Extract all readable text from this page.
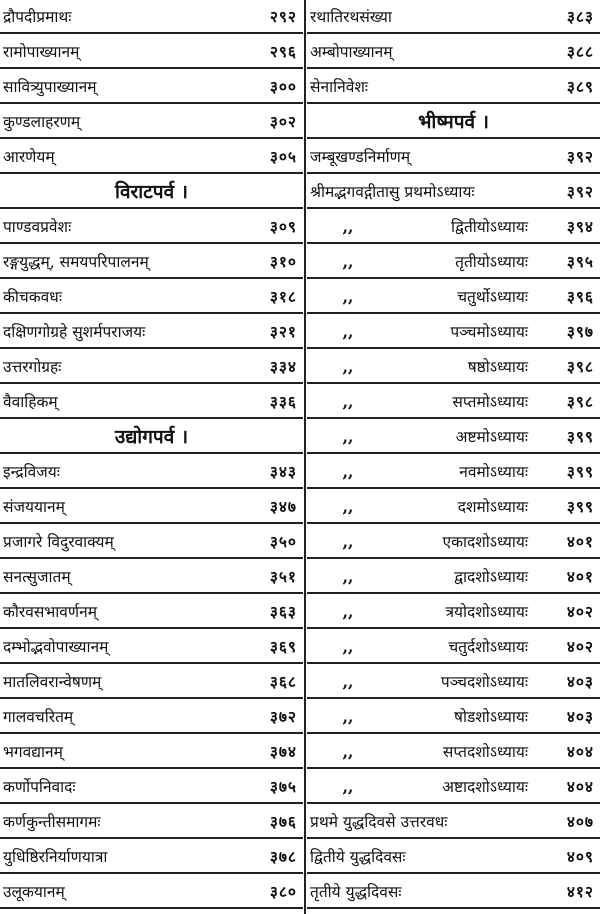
द्रौपदीप्रमाथः	२९२
रामोपाख्यानम्	२९६
सावित्र्युपाख्यानम्	३००
कुण्डलाहरणम्	३०२
आरणेयम्	३०५
विराटपर्व ।
पाण्डवप्रवेशः	३०९
रङ्गयुद्धम्, समयपरिपालनम्	३१०
कीचकवधः	३१८
दक्षिणगोग्रहे सुशर्मपराजयः	३२१
उत्तरगोग्रहः	३३४
वैवाहिकम्	३३६
उद्योगपर्व ।
इन्द्रविजयः	३४३
संजययानम्	३४७
प्रजागरे विदुरवाक्यम्	३५०
सनत्सुजातम्	३५१
कौरवसभावर्णनम्	३६३
दम्भोद्भवोपाख्यानम्	३६९
मातलिवरान्वेषणम्	३६८
गालवचरितम्	३७२
भगवद्यानम्	३७४
कर्णोपनिवादः	३७५
कर्णकुन्तीसमागमः	३७६
युधिष्ठिरनिर्याणयात्रा	३७८
उलूकयानम्	३८०
रथातिरथसंख्या	३८३
अम्बोपाख्यानम्	३८८
सेनानिवेशः	३८९
भीष्मपर्व ।
जम्बूखण्डनिर्माणम्	३९२
श्रीमद्भगवद्गीतासु प्रथमोऽध्यायः	३९२
,,	द्वितीयोऽध्यायः	३९४
,,	तृतीयोऽध्यायः	३९५
,,	चतुर्थोऽध्यायः	३९६
,,	पञ्चमोऽध्यायः	३९७
,,	षष्ठोऽध्यायः	३९८
,,	सप्तमोऽध्यायः	३९८
,,	अष्टमोऽध्यायः	३९९
,,	नवमोऽध्यायः	३९९
,,	दशमोऽध्यायः	३९९
,,	एकादशोऽध्यायः	४०१
,,	द्वादशोऽध्यायः	४०१
,,	त्रयोदशोऽध्यायः	४०२
,,	चतुर्दशोऽध्यायः	४०२
,,	पञ्चदशोऽध्यायः	४०३
,,	षोडशोऽध्यायः	४०३
,,	सप्तदशोऽध्यायः	४०४
,,	अष्टादशोऽध्यायः	४०४
प्रथमे युद्धदिवसे उत्तरवधः	४०७
द्वितीये युद्धदिवसः	४०९
तृतीये युद्धदिवसः	४१२
